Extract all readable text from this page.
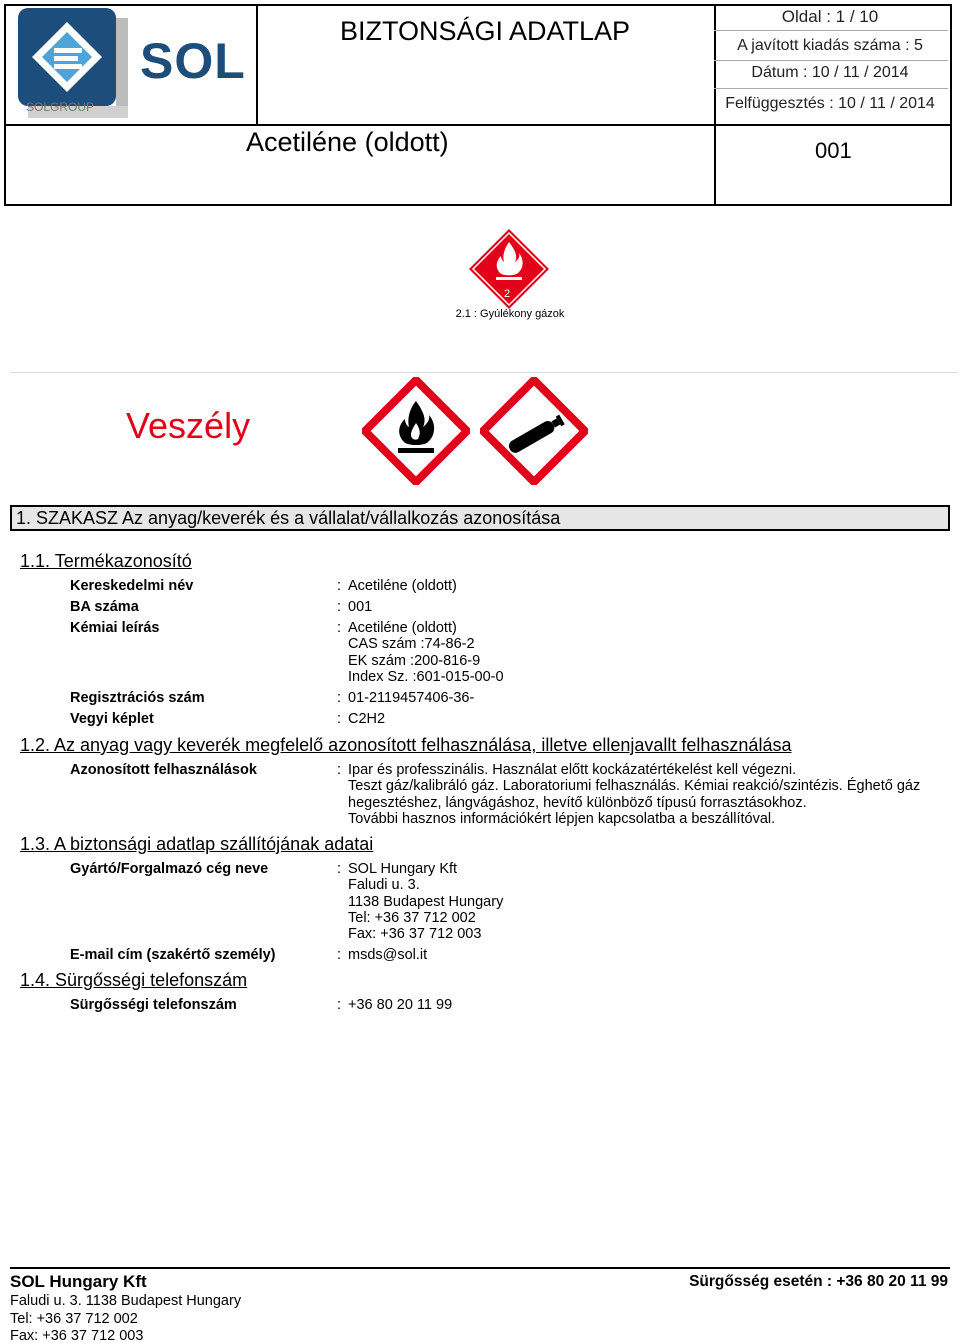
SOL
SOLGROUP
BIZTONSÁGI ADATLAP
Acetiléne (oldott)	001
Oldal : 1 / 10
A javított kiadás száma : 5
Dátum : 10 / 11 / 2014
Felfüggesztés : 10 / 11 / 2014
2
2.1 : Gyúlékony gázok
Veszély
1. SZAKASZ Az anyag/keverék és a vállalat/vállalkozás azonosítása
1.1. Termékazonosító
Kereskedelmi név	: Acetiléne (oldott)
BA száma	: 001
Kémiai leírás	: Acetiléne (oldott)
CAS szám :74-86-2
EK szám :200-816-9
Index Sz. :601-015-00-0
Regisztrációs szám	: 01-2119457406-36-
Vegyi képlet	: C2H2
1.2. Az anyag vagy keverék megfelelő azonosított felhasználása, illetve ellenjavallt felhasználása
Azonosított felhasználások	: Ipar és professzinális. Használat előtt kockázatértékelést kell végezni.
Teszt gáz/kalibráló gáz. Laboratoriumi felhasználás. Kémiai reakció/szintézis. Éghető gáz
hegesztéshez, lángvágáshoz, hevítő különböző típusú forrasztásokhoz.
További hasznos információkért lépjen kapcsolatba a beszállítóval.
1.3. A biztonsági adatlap szállítójának adatai
Gyártó/Forgalmazó cég neve	: SOL Hungary Kft
Faludi u. 3.
1138 Budapest Hungary
Tel: +36 37 712 002
Fax: +36 37 712 003
E-mail cím (szakértő személy)	: msds@sol.it
1.4. Sürgősségi telefonszám
Sürgősségi telefonszám	: +36 80 20 11 99
SOL Hungary Kft	Sürgősség esetén : +36 80 20 11 99
Faludi u. 3. 1138 Budapest Hungary
Tel: +36 37 712 002
Fax: +36 37 712 003
